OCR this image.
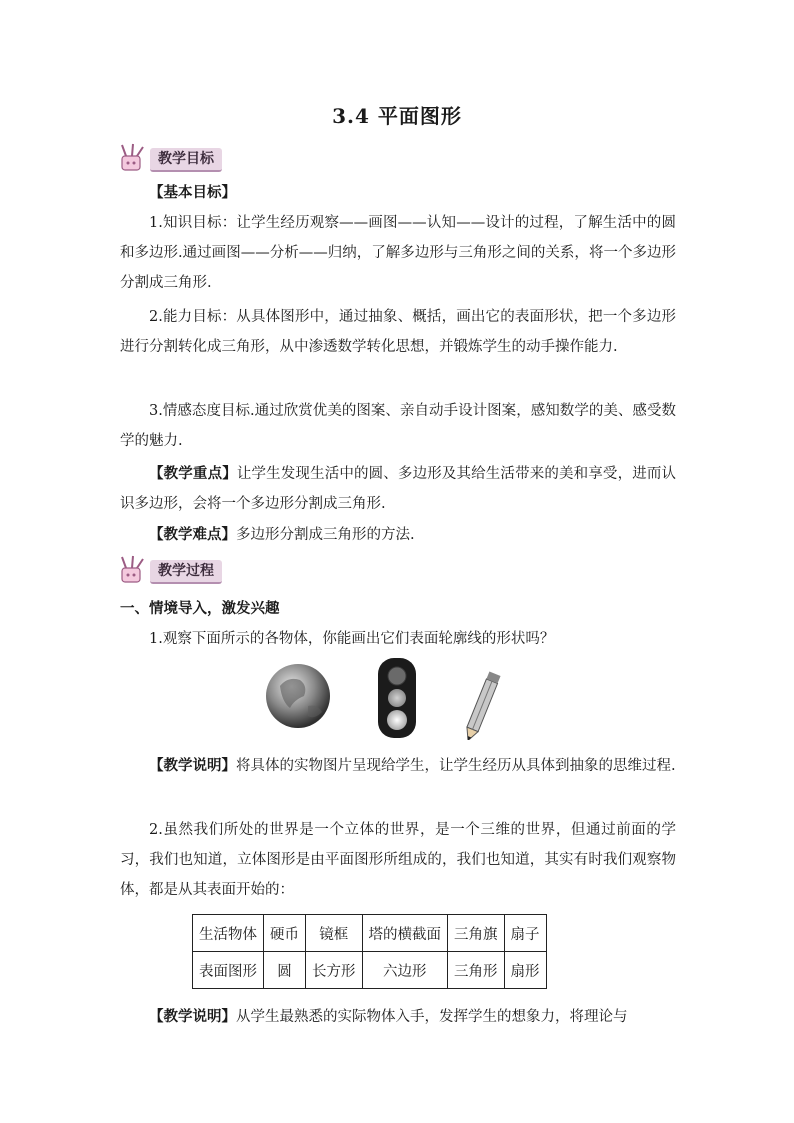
3.4 平面图形
教学目标
【基本目标】
1.知识目标：让学生经历观察——画图——认知——设计的过程，了解生活中的圆和多边形.通过画图——分析——归纳，了解多边形与三角形之间的关系，将一个多边形分割成三角形.
2.能力目标：从具体图形中，通过抽象、概括，画出它的表面形状，把一个多边形进行分割转化成三角形，从中渗透数学转化思想，并锻炼学生的动手操作能力.
3.情感态度目标.通过欣赏优美的图案、亲自动手设计图案，感知数学的美、感受数学的魅力.
【教学重点】让学生发现生活中的圆、多边形及其给生活带来的美和享受，进而认识多边形，会将一个多边形分割成三角形.
【教学难点】多边形分割成三角形的方法.
教学过程
一、情境导入，激发兴趣
1.观察下面所示的各物体，你能画出它们表面轮廓线的形状吗？
【教学说明】将具体的实物图片呈现给学生，让学生经历从具体到抽象的思维过程.
2.虽然我们所处的世界是一个立体的世界，是一个三维的世界，但通过前面的学习，我们也知道，立体图形是由平面图形所组成的，我们也知道，其实有时我们观察物体，都是从其表面开始的：
生活物体	硬币	镜框	塔的横截面	三角旗	扇子
表面图形	圆	长方形	六边形	三角形	扇形
【教学说明】从学生最熟悉的实际物体入手，发挥学生的想象力，将理论与
